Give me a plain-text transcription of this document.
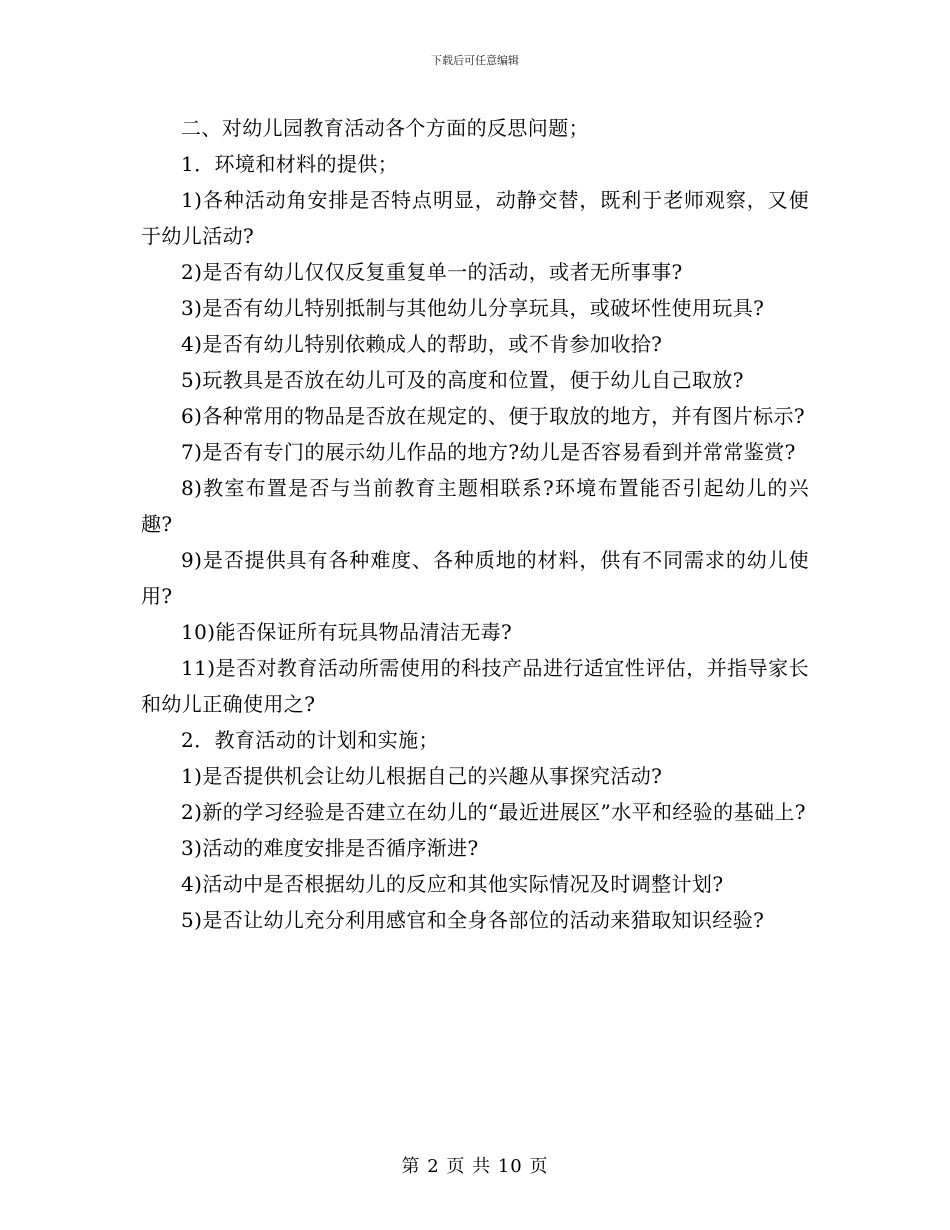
下载后可任意编辑

二、对幼儿园教育活动各个方面的反思问题；

1．环境和材料的提供；

1)各种活动角安排是否特点明显，动静交替，既利于老师观察，又便于幼儿活动?

2)是否有幼儿仅仅反复重复单一的活动，或者无所事事?

3)是否有幼儿特别抵制与其他幼儿分享玩具，或破坏性使用玩具?

4)是否有幼儿特别依赖成人的帮助，或不肯参加收拾?

5)玩教具是否放在幼儿可及的高度和位置，便于幼儿自己取放?

6)各种常用的物品是否放在规定的、便于取放的地方，并有图片标示?

7)是否有专门的展示幼儿作品的地方?幼儿是否容易看到并常常鉴赏?

8)教室布置是否与当前教育主题相联系?环境布置能否引起幼儿的兴趣?

9)是否提供具有各种难度、各种质地的材料，供有不同需求的幼儿使用?

10)能否保证所有玩具物品清洁无毒?

11)是否对教育活动所需使用的科技产品进行适宜性评估，并指导家长和幼儿正确使用之?

2．教育活动的计划和实施；

1)是否提供机会让幼儿根据自己的兴趣从事探究活动?

2)新的学习经验是否建立在幼儿的“最近进展区”水平和经验的基础上?

3)活动的难度安排是否循序渐进?

4)活动中是否根据幼儿的反应和其他实际情况及时调整计划?

5)是否让幼儿充分利用感官和全身各部位的活动来猎取知识经验?

第 2 页 共 10 页
